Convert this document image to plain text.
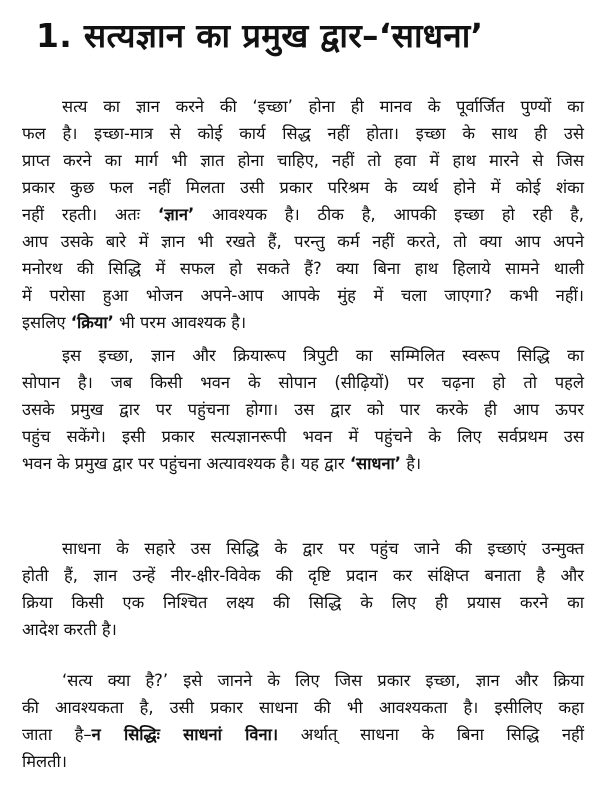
1. सत्यज्ञान का प्रमुख द्वार–‘साधना’
सत्य का ज्ञान करने की ‘इच्छा’ होना ही मानव के पूर्वार्जित पुण्यों का
फल है। इच्छा-मात्र से कोई कार्य सिद्ध नहीं होता। इच्छा के साथ ही उसे
प्राप्त करने का मार्ग भी ज्ञात होना चाहिए, नहीं तो हवा में हाथ मारने से जिस
प्रकार कुछ फल नहीं मिलता उसी प्रकार परिश्रम के व्यर्थ होने में कोई शंका
नहीं रहती। अतः ‘ज्ञान’ आवश्यक है। ठीक है, आपकी इच्छा हो रही है,
आप उसके बारे में ज्ञान भी रखते हैं, परन्तु कर्म नहीं करते, तो क्या आप अपने
मनोरथ की सिद्धि में सफल हो सकते हैं? क्या बिना हाथ हिलाये सामने थाली
में परोसा हुआ भोजन अपने-आप आपके मुंह में चला जाएगा? कभी नहीं।
इसलिए ‘क्रिया’ भी परम आवश्यक है।
इस इच्छा, ज्ञान और क्रियारूप त्रिपुटी का सम्मिलित स्वरूप सिद्धि का
सोपान है। जब किसी भवन के सोपान (सीढ़ियों) पर चढ़ना हो तो पहले
उसके प्रमुख द्वार पर पहुंचना होगा। उस द्वार को पार करके ही आप ऊपर
पहुंच सकेंगे। इसी प्रकार सत्यज्ञानरूपी भवन में पहुंचने के लिए सर्वप्रथम उस
भवन के प्रमुख द्वार पर पहुंचना अत्यावश्यक है। यह द्वार ‘साधना’ है।
साधना के सहारे उस सिद्धि के द्वार पर पहुंच जाने की इच्छाएं उन्मुक्त
होती हैं, ज्ञान उन्हें नीर-क्षीर-विवेक की दृष्टि प्रदान कर संक्षिप्त बनाता है और
क्रिया किसी एक निश्चित लक्ष्य की सिद्धि के लिए ही प्रयास करने का
आदेश करती है।
‘सत्य क्या है?’ इसे जानने के लिए जिस प्रकार इच्छा, ज्ञान और क्रिया
की आवश्यकता है, उसी प्रकार साधना की भी आवश्यकता है। इसीलिए कहा
जाता है–न सिद्धिः साधनां विना। अर्थात् साधना के बिना सिद्धि नहीं
मिलती।
